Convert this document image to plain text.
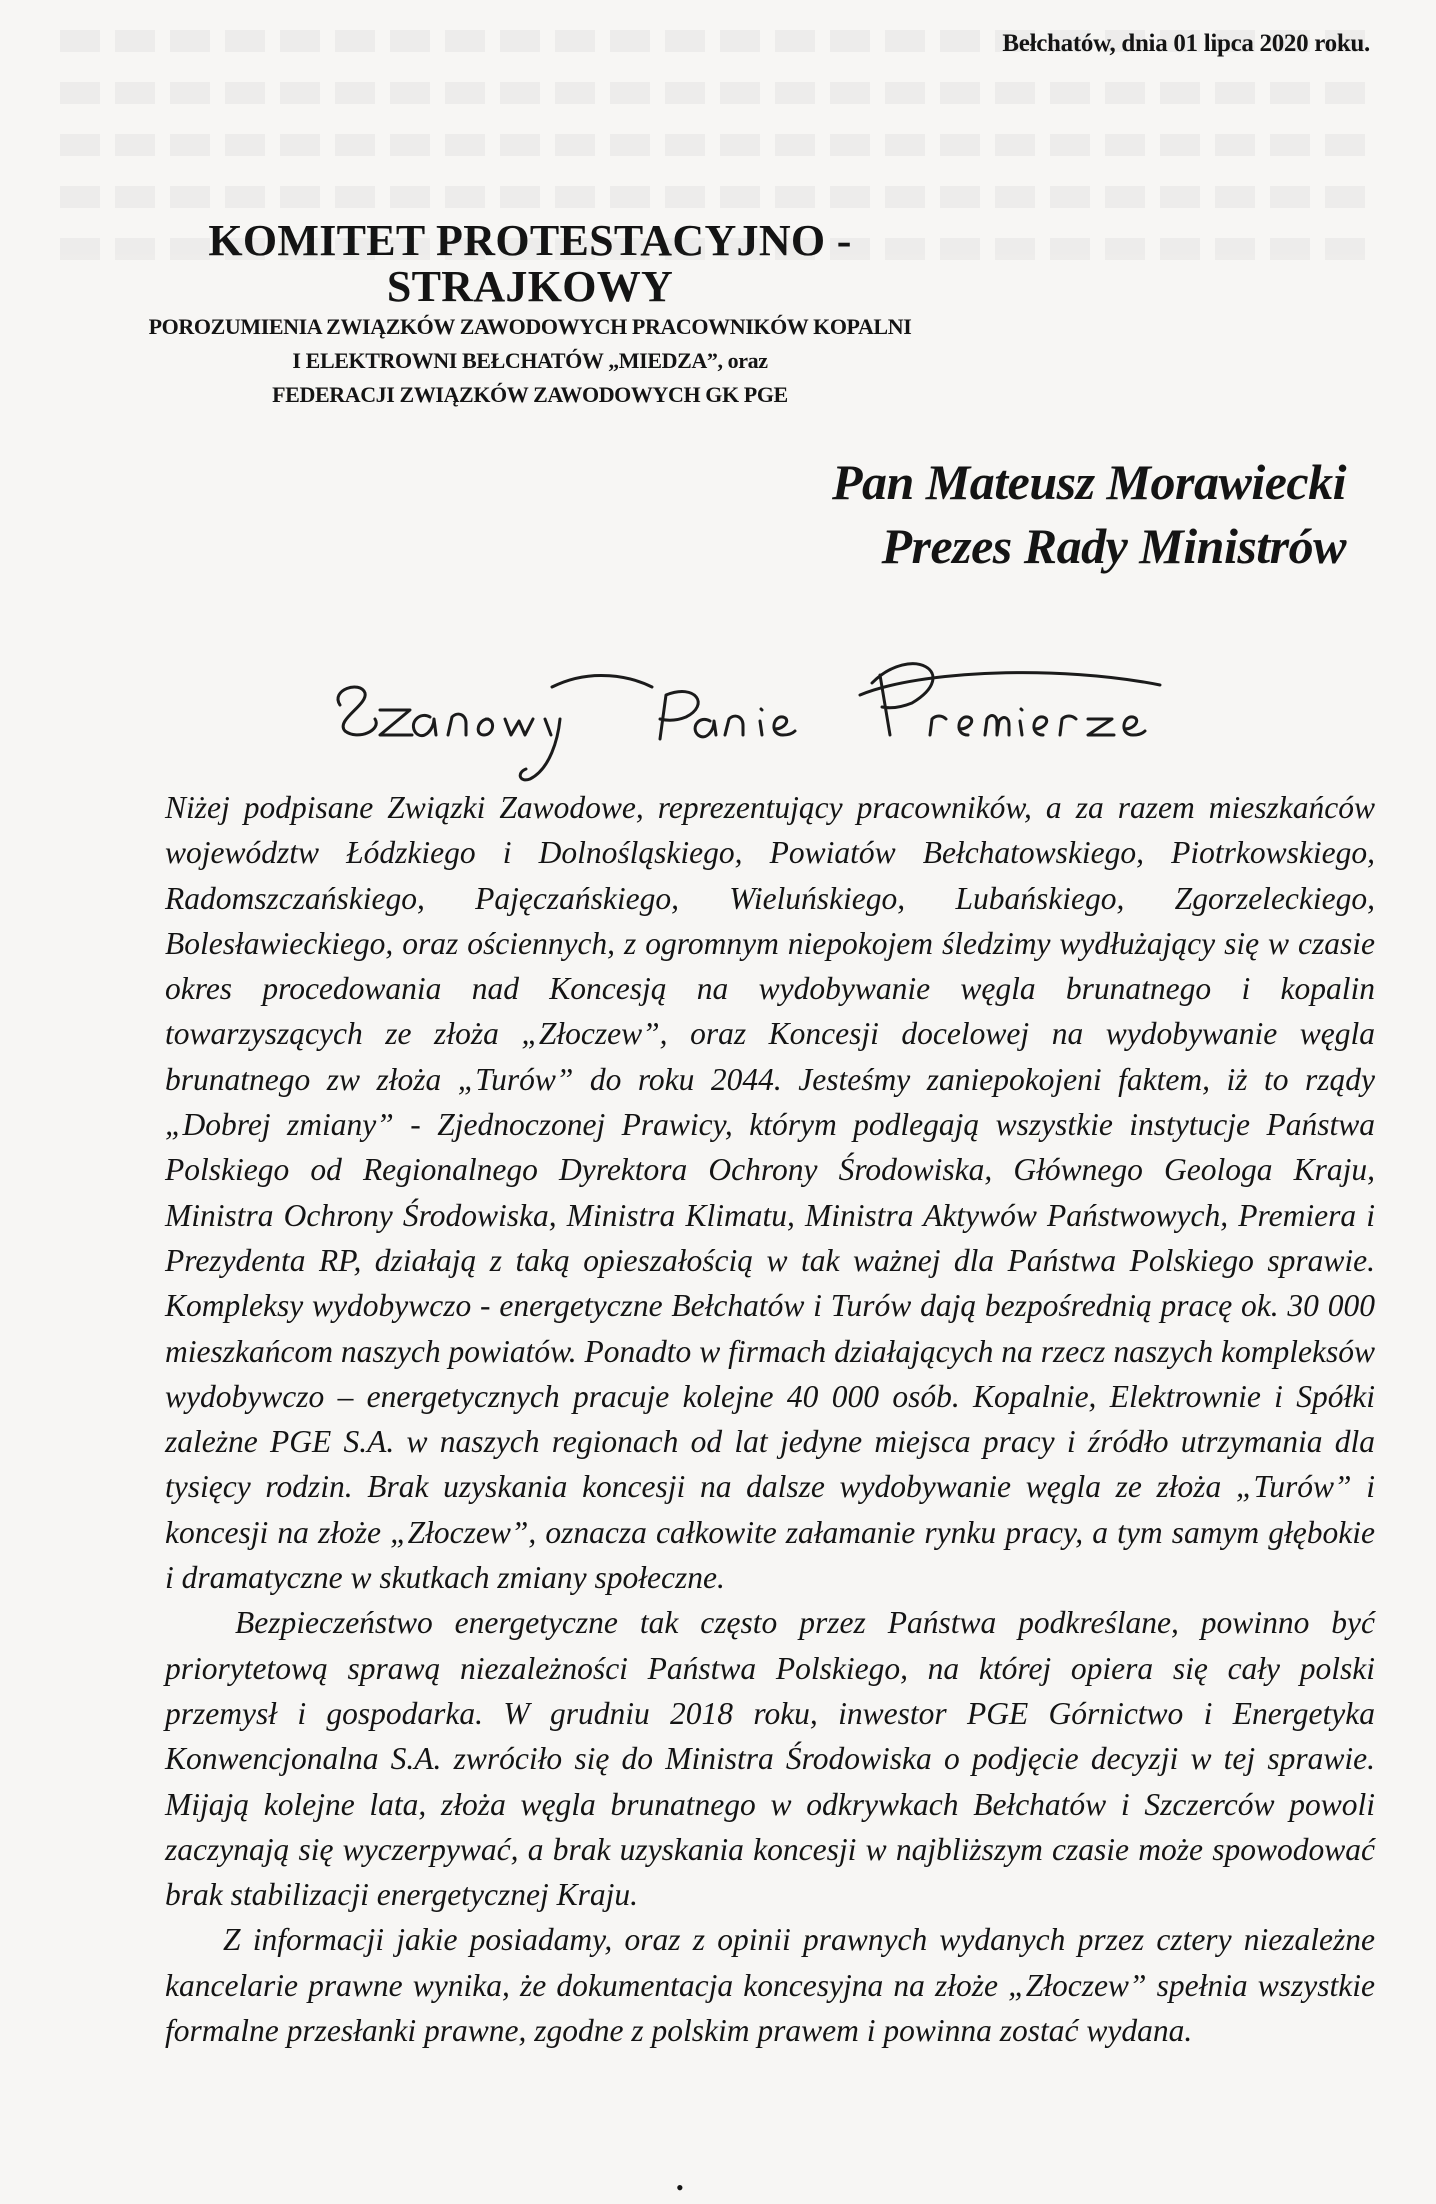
Bełchatów, dnia 01 lipca 2020 roku.
KOMITET PROTESTACYJNO - STRAJKOWY
POROZUMIENIA ZWIĄZKÓW ZAWODOWYCH PRACOWNIKÓW KOPALNI
I ELEKTROWNI BEŁCHATÓW „MIEDZA”, oraz
FEDERACJI ZWIĄZKÓW ZAWODOWYCH GK PGE
Pan Mateusz Morawiecki
Prezes Rady Ministrów

Niżej podpisane Związki Zawodowe, reprezentujący pracowników, a za razem mieszkańców województw Łódzkiego i Dolnośląskiego, Powiatów Bełchatowskiego, Piotrkowskiego, Radomszczańskiego, Pajęczańskiego, Wieluńskiego, Lubańskiego, Zgorzeleckiego, Bolesławieckiego, oraz ościennych, z ogromnym niepokojem śledzimy wydłużający się w czasie okres procedowania nad Koncesją na wydobywanie węgla brunatnego i kopalin towarzyszących ze złoża „Złoczew”, oraz Koncesji docelowej na wydobywanie węgla brunatnego zw złoża „Turów” do roku 2044. Jesteśmy zaniepokojeni faktem, iż to rządy „Dobrej zmiany” - Zjednoczonej Prawicy, którym podlegają wszystkie instytucje Państwa Polskiego od Regionalnego Dyrektora Ochrony Środowiska, Głównego Geologa Kraju, Ministra Ochrony Środowiska, Ministra Klimatu, Ministra Aktywów Państwowych, Premiera i Prezydenta RP, działają z taką opieszałością w tak ważnej dla Państwa Polskiego sprawie. Kompleksy wydobywczo - energetyczne Bełchatów i Turów dają bezpośrednią pracę ok. 30 000 mieszkańcom naszych powiatów. Ponadto w firmach działających na rzecz naszych kompleksów wydobywczo – energetycznych pracuje kolejne 40 000 osób. Kopalnie, Elektrownie i Spółki zależne PGE S.A. w naszych regionach od lat jedyne miejsca pracy i źródło utrzymania dla tysięcy rodzin. Brak uzyskania koncesji na dalsze wydobywanie węgla ze złoża „Turów” i koncesji na złoże „Złoczew”, oznacza całkowite załamanie rynku pracy, a tym samym głębokie i dramatyczne w skutkach zmiany społeczne.

Bezpieczeństwo energetyczne tak często przez Państwa podkreślane, powinno być priorytetową sprawą niezależności Państwa Polskiego, na której opiera się cały polski przemysł i gospodarka. W grudniu 2018 roku, inwestor PGE Górnictwo i Energetyka Konwencjonalna S.A. zwróciło się do Ministra Środowiska o podjęcie decyzji w tej sprawie. Mijają kolejne lata, złoża węgla brunatnego w odkrywkach Bełchatów i Szczerców powoli zaczynają się wyczerpywać, a brak uzyskania koncesji w najbliższym czasie może spowodować brak stabilizacji energetycznej Kraju.

Z informacji jakie posiadamy, oraz z opinii prawnych wydanych przez cztery niezależne kancelarie prawne wynika, że dokumentacja koncesyjna na złoże „Złoczew” spełnia wszystkie formalne przesłanki prawne, zgodne z polskim prawem i powinna zostać wydana.

•
